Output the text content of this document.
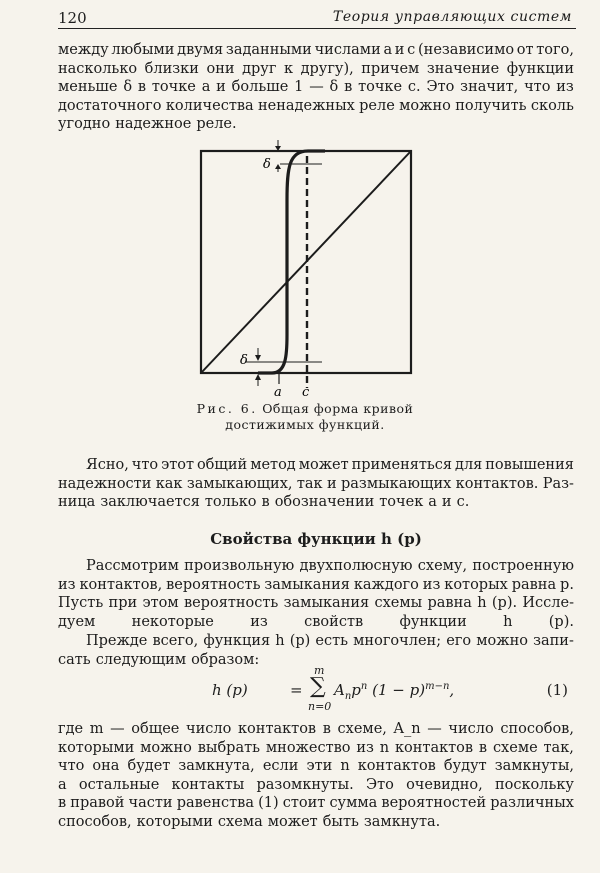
120	Теория управляющих систем
между любыми двумя заданными числами a и c (независимо от того,
насколько близки они друг к другу), причем значение функции
меньше δ в точке a и больше 1 — δ в точке c. Это значит, что из
достаточного количества ненадежных реле можно получить сколь
угодно надежное реле.
δ
δ
a c
Рис. 6. Общая форма кривой
достижимых функций.
Ясно, что этот общий метод может применяться для повышения
надежности как замыкающих, так и размыкающих контактов. Раз-
ница заключается только в обозначении точек a и c.
Свойства функции h (p)
Рассмотрим произвольную двухполюсную схему, построенную
из контактов, вероятность замыкания каждого из которых равна p.
Пусть при этом вероятность замыкания схемы равна h (p). Иссле-
дуем	некоторые	из	свойств	функции	h	(p).
Прежде всего, функция h (p) есть многочлен; его можно запи-
сать следующим образом:
h (p)	=
m
∑
n=0
$A_np^n$ $(1 - p)^{m-n}$,	(1)
где m — общее число контактов в схеме, A_n — число способов,
которыми можно выбрать множество из n контактов в схеме так,
что она будет замкнута, если эти n контактов будут замкнуты,
а остальные контакты разомкнуты. Это очевидно, поскольку
в правой части равенства (1) стоит сумма вероятностей различных
способов, которыми схема может быть замкнута.
